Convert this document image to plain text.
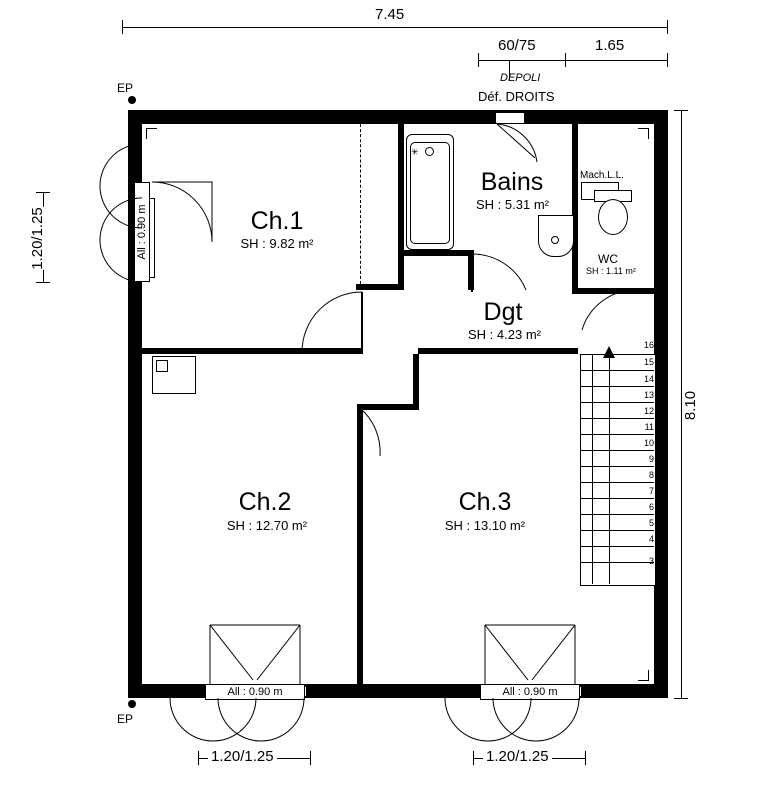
7.45
60/75	1.65
DEPOLI
Déf. DROITS
8.10
1.20/1.25
EP
EP
Ch.1
SH : 9.82 m²
Ch.2
SH : 12.70 m²
Ch.3
SH : 13.10 m²
Bains
SH : 5.31 m²
Dgt
SH : 4.23 m²
WC
SH : 1.11 m²
Mach.L.L.
✳
All : 0.90 m
16
15
14
13
12
11
10
9
8
7
6
5
4
3
All : 0.90 m
1.20/1.25
All : 0.90 m
1.20/1.25
